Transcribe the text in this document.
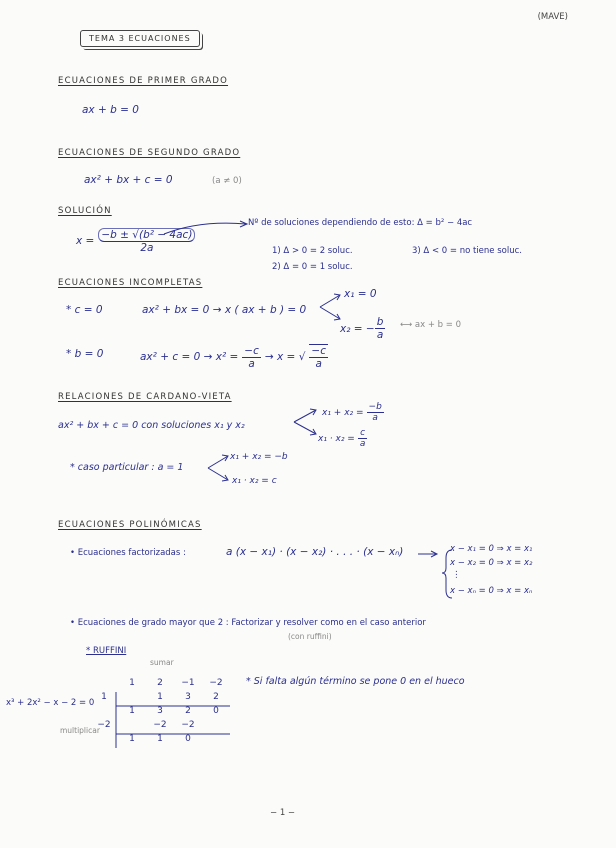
(MAVE)
TEMA 3 ECUACIONES
ECUACIONES DE PRIMER GRADO
ax + b = 0
ECUACIONES DE SEGUNDO GRADO
ax² + bx + c = 0	(a ≠ 0)
SOLUCIÓN
$x = \frac{\text{−b ± √(b² − 4ac)}}{2a}$
Nº de soluciones dependiendo de esto: Δ = b² − 4ac
1) Δ > 0 = 2 soluc.	3) Δ < 0 = no tiene soluc.
2) Δ = 0 = 1 soluc.
ECUACIONES INCOMPLETAS
* c = 0	ax² + bx = 0 → x ( ax + b ) = 0
x₁ = 0
x₂ = − $\frac{b}{a}$ ⟷ ax + b = 0
* b = 0	$ax^2 + c = 0 \to x^2 = \frac{-c}{a} \to x$ = √ $\frac{-c}{a}$
RELACIONES DE CARDANO-VIETA
ax² + bx + c = 0 con soluciones x₁ y x₂
$x_1 + x_2 = \frac{-b}{a}$
$x_1 \cdot x_2 = \frac{c}{a}$
* caso particular : a = 1
x₁ + x₂ = −b
x₁ · x₂ = c
ECUACIONES POLINÓMICAS
• Ecuaciones factorizadas :	a (x − x₁) · (x − x₂) · . . . · (x − xₙ)	x − x₁ = 0 ⇒ x = x₁
x − x₂ = 0 ⇒ x = x₂
⋮
x − xₙ = 0 ⇒ x = xₙ
• Ecuaciones de grado mayor que 2 : Factorizar y resolver como en el caso anterior
(con ruffini)
* RUFFINI
sumar
x³ + 2x² − x − 2 = 0
multiplicar
	1	2	−1	−2
1		1	3	2
	1	3	2	0
−2		−2	−2	
	1	1	0	
* Si falta algún término se pone 0 en el hueco
− 1 −
